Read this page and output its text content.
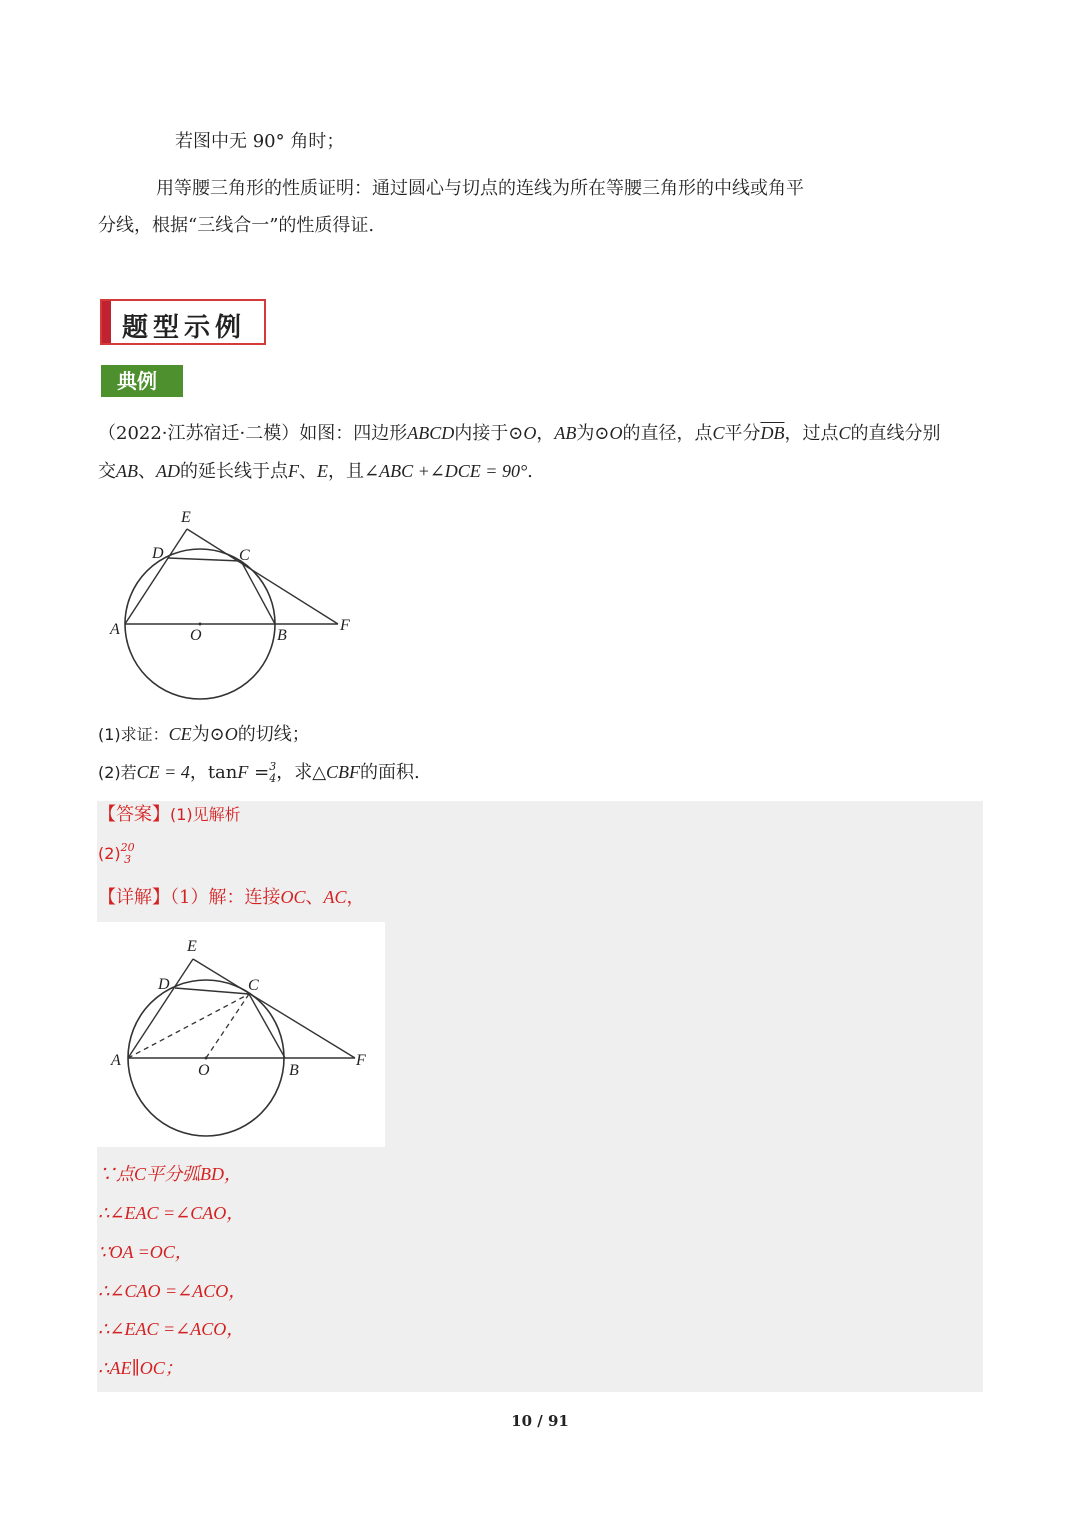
若图中无 90° 角时；
用等腰三角形的性质证明：通过圆心与切点的连线为所在等腰三角形的中线或角平
分线，根据“三线合一”的性质得证.
题型示例
典例
（2022·江苏宿迁·二模）如图：四边形ABCD内接于⊙O，AB为⊙O的直径，点C平分$\overline{DB}$，过点C的直线分别
交AB、AD的延长线于点F、E，且∠ABC +∠DCE = 90°.
E
D	C
A	O	B
F
(1)求证：CE为⊙O的切线；
(2)若CE = 4，tanF = 3
4 ，求△CBF的面积.
【答案】(1)见解析
(2) 20
3
【详解】（1）解：连接OC、AC，
E
D	C
A
O	B
F
∵点C平分弧BD，
∴∠EAC =∠CAO，
∵OA =OC，
∴∠CAO =∠ACO，
∴∠EAC =∠ACO，
∴AE∥OC；
10 / 91
